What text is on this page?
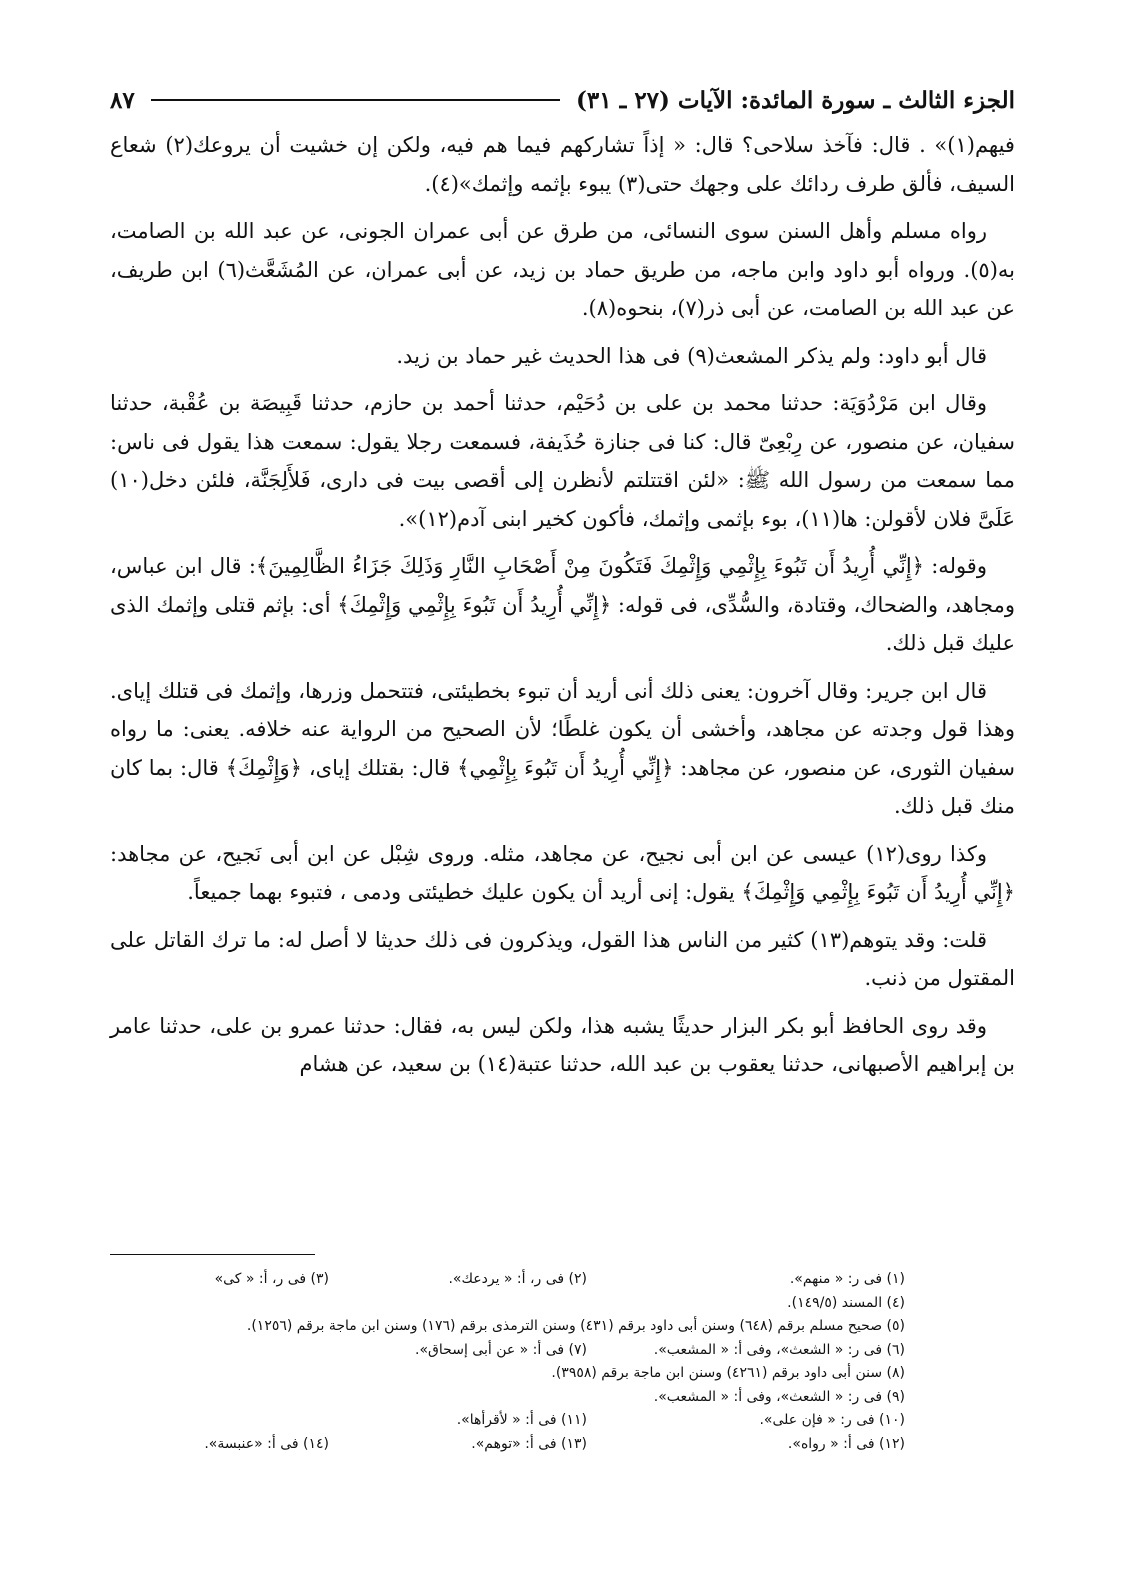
الجزء الثالث ـ سورة المائدة: الآيات (٢٧ ـ ٣١)
٨٧

فيهم(١)» . قال: فآخذ سلاحى؟ قال: « إذاً تشاركهم فيما هم فيه، ولكن إن خشيت أن يروعك(٢) شعاع السيف، فألق طرف ردائك على وجهك حتى(٣) يبوء بإثمه وإثمك»(٤).

رواه مسلم وأهل السنن سوى النسائى، من طرق عن أبى عمران الجونى، عن عبد الله بن الصامت، به(٥). ورواه أبو داود وابن ماجه، من طريق حماد بن زيد، عن أبى عمران، عن المُشَعَّث(٦) ابن طريف، عن عبد الله بن الصامت، عن أبى ذر(٧)، بنحوه(٨).

قال أبو داود: ولم يذكر المشعث(٩) فى هذا الحديث غير حماد بن زيد.

وقال ابن مَرْدُوَيَة: حدثنا محمد بن على بن دُحَيْم، حدثنا أحمد بن حازم، حدثنا قَبِيصَة بن عُقْبة، حدثنا سفيان، عن منصور، عن رِبْعِىّ قال: كنا فى جنازة حُذَيفة، فسمعت رجلا يقول: سمعت هذا يقول فى ناس: مما سمعت من رسول الله ﷺ: «لئن اقتتلتم لأنظرن إلى أقصى بيت فى دارى، فَلأَلِجَنَّة، فلئن دخل(١٠) عَلَىَّ فلان لأقولن: ها(١١)، بوء بإثمى وإثمك، فأكون كخير ابنى آدم(١٢)».

وقوله: ﴿إِنِّي أُرِيدُ أَن تَبُوءَ بِإِثْمِي وَإِثْمِكَ فَتَكُونَ مِنْ أَصْحَابِ النَّارِ وَذَلِكَ جَزَاءُ الظَّالِمِينَ﴾: قال ابن عباس، ومجاهد، والضحاك، وقتادة، والسُّدِّى، فى قوله: ﴿إِنِّي أُرِيدُ أَن تَبُوءَ بِإِثْمِي وَإِثْمِكَ﴾ أى: بإثم قتلى وإثمك الذى عليك قبل ذلك.

قال ابن جرير: وقال آخرون: يعنى ذلك أنى أريد أن تبوء بخطيئتى، فتتحمل وزرها، وإثمك فى قتلك إياى. وهذا قول وجدته عن مجاهد، وأخشى أن يكون غلطًا؛ لأن الصحيح من الرواية عنه خلافه. يعنى: ما رواه سفيان الثورى، عن منصور، عن مجاهد: ﴿إِنِّي أُرِيدُ أَن تَبُوءَ بِإِثْمِي﴾ قال: بقتلك إياى، ﴿وَإِثْمِكَ﴾ قال: بما كان منك قبل ذلك.

وكذا روى(١٢) عيسى عن ابن أبى نجيح، عن مجاهد، مثله. وروى شِبْل عن ابن أبى نَجيح، عن مجاهد: ﴿إِنِّي أُرِيدُ أَن تَبُوءَ بِإِثْمِي وَإِثْمِكَ﴾ يقول: إنى أريد أن يكون عليك خطيئتى ودمى ، فتبوء بهما جميعاً.

قلت: وقد يتوهم(١٣) كثير من الناس هذا القول، ويذكرون فى ذلك حديثا لا أصل له: ما ترك القاتل على المقتول من ذنب.

وقد روى الحافظ أبو بكر البزار حديثًا يشبه هذا، ولكن ليس به، فقال: حدثنا عمرو بن على، حدثنا عامر بن إبراهيم الأصبهانى، حدثنا يعقوب بن عبد الله، حدثنا عتبة(١٤) بن سعيد، عن هشام

(١) فى ر: « منهم».
(٢) فى ر، أ: « يردعك».
(٣) فى ر، أ: « كى»
(٤) المسند (١٤٩/٥).
(٥) صحيح مسلم برقم (٦٤٨) وسنن أبى داود برقم (٤٣١) وسنن الترمذى برقم (١٧٦) وسنن ابن ماجة برقم (١٢٥٦).
(٦) فى ر: « الشعث»، وفى أ: « المشعب».
(٧) فى أ: « عن أبى إسحاق».
(٨) سنن أبى داود برقم (٤٢٦١) وسنن ابن ماجة برقم (٣٩٥٨).
(٩) فى ر: « الشعث»، وفى أ: « المشعب».
(١٠) فى ر: « فإن على».
(١١) فى أ: « لأقرأها».
(١٢) فى أ: « رواه».
(١٣) فى أ: «توهم».
(١٤) فى أ: «عنبسة».
